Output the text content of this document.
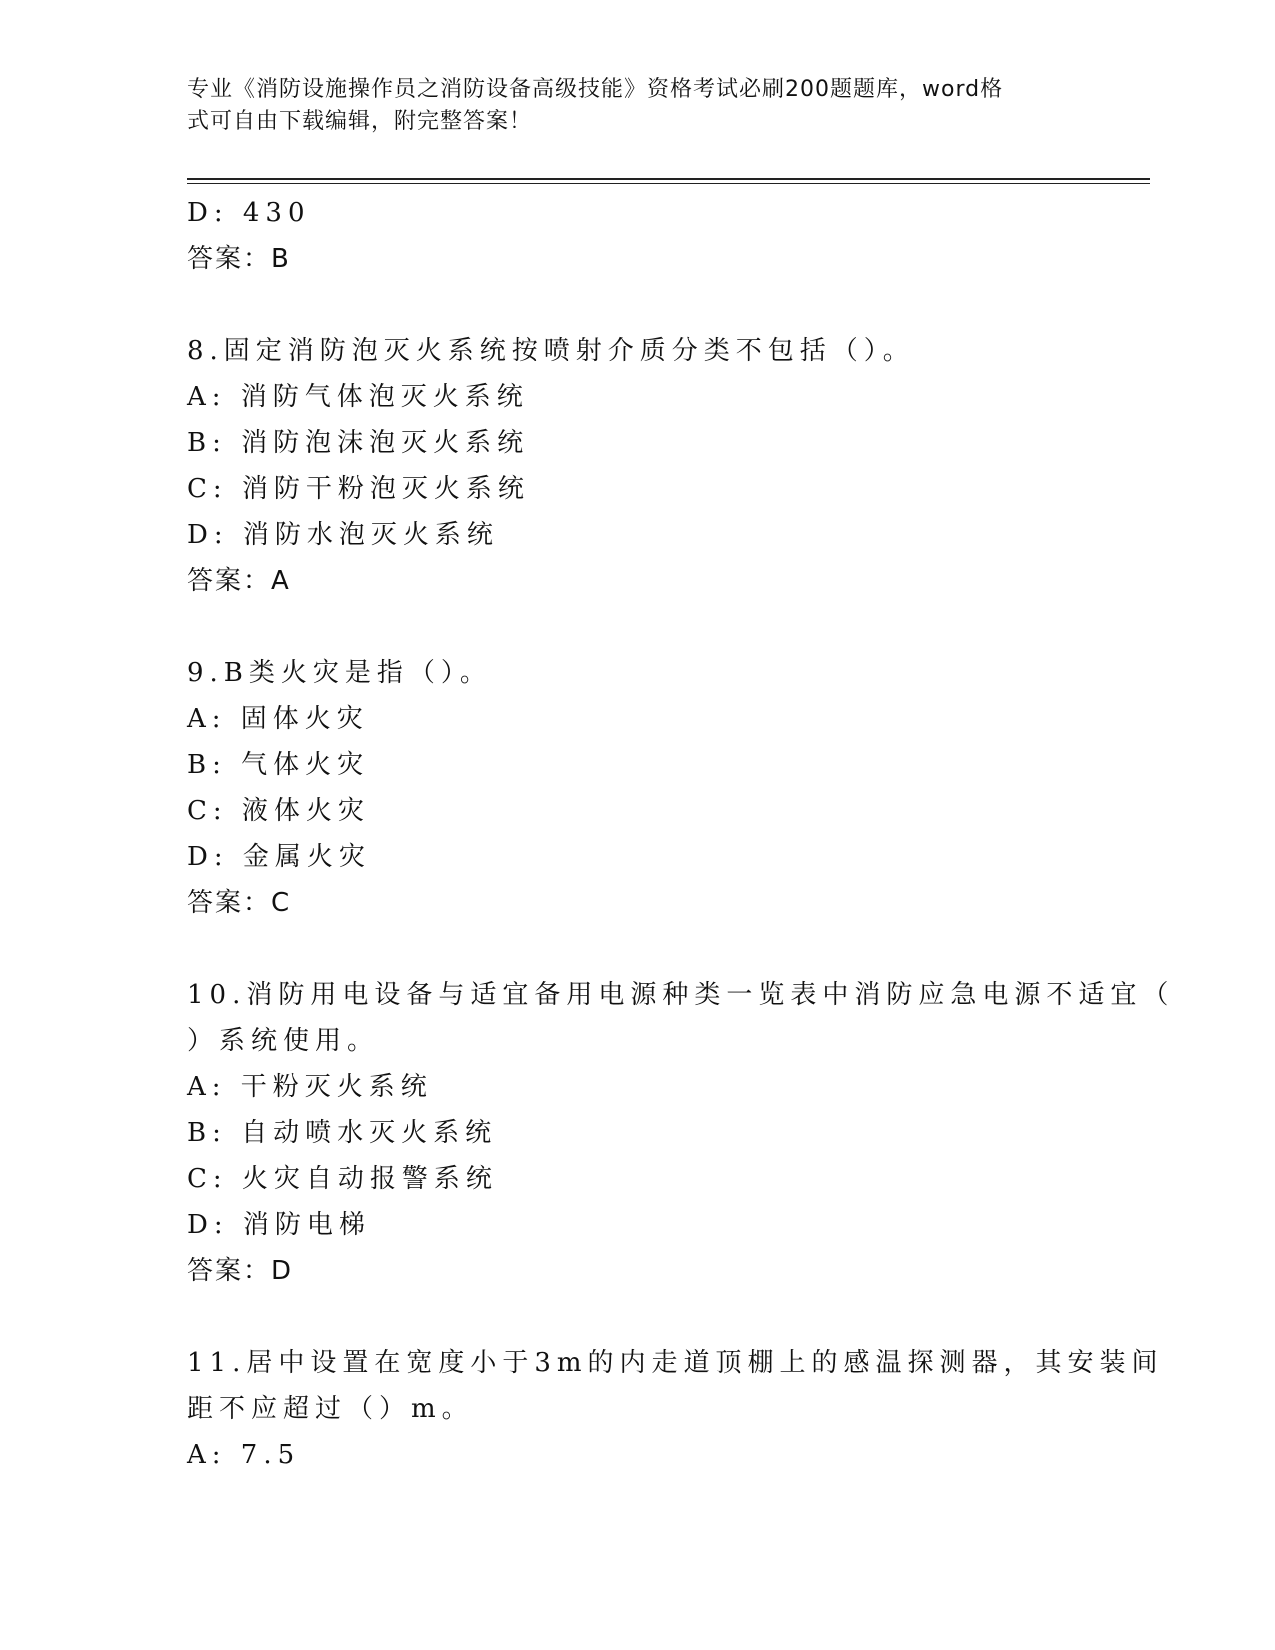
专业《消防设施操作员之消防设备高级技能》资格考试必刷200题题库，word格
式可自由下载编辑，附完整答案！
D: 430
答案：B
8.固定消防泡灭火系统按喷射介质分类不包括（）。
A: 消防气体泡灭火系统
B: 消防泡沫泡灭火系统
C: 消防干粉泡灭火系统
D: 消防水泡灭火系统
答案：A
9.B类火灾是指（）。
A: 固体火灾
B: 气体火灾
C: 液体火灾
D: 金属火灾
答案：C
10.消防用电设备与适宜备用电源种类一览表中消防应急电源不适宜（
）系统使用。
A: 干粉灭火系统
B: 自动喷水灭火系统
C: 火灾自动报警系统
D: 消防电梯
答案：D
11.居中设置在宽度小于3m的内走道顶棚上的感温探测器，其安装间
距不应超过（）m。
A: 7.5
